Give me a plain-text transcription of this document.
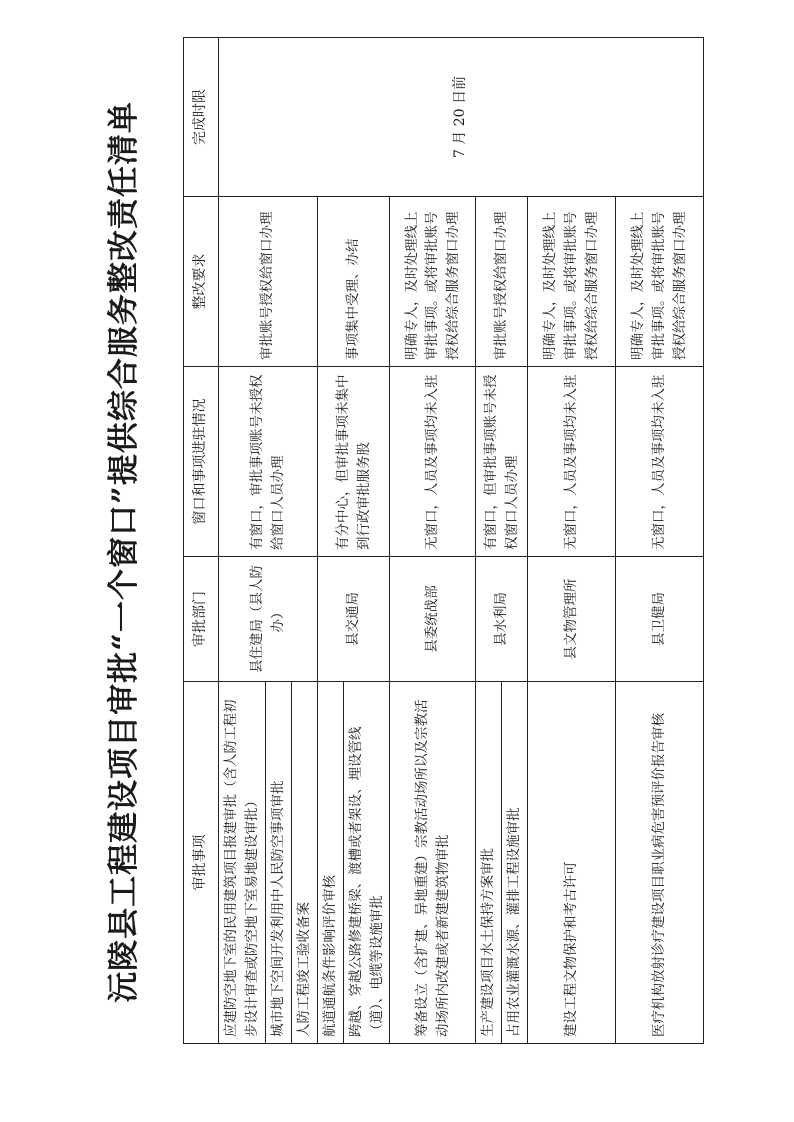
沅陵县工程建设项目审批“一个窗口”提供综合服务整改责任清单	审批事项	审批部门	窗口和事项进驻情况	整改要求	完成时限
应建防空地下室的民用建筑项目报建审批（含人防工程初步设计审查或防空地下室易地建设审批）	县住建局（县人防办）	有窗口，审批事项账号未授权给窗口人员办理	审批账号授权给窗口办理	7 月 20 日前
城市地下空间开发利用中人民防空事项审批				
人防工程竣工验收备案				
航道通航条件影响评价审核	县交通局	有分中心，但审批事项未集中到行政审批服务股	事项集中受理、办结	
跨越、穿越公路修建桥梁、渡槽或者架设、埋设管线（道）、电缆等设施审批				
筹备设立（含扩建、异地重建）宗教活动场所以及宗教活动场所内改建或者新建建筑物审批	县委统战部	无窗口，人员及事项均未入驻	明确专人，及时处理线上审批事项。或将审批账号授权给综合服务窗口办理	
生产建设项目水土保持方案审批	县水利局	有窗口，但审批事项账号未授权窗口人员办理	审批账号授权给窗口办理	
占用农业灌溉水源、灌排工程设施审批				
建设工程文物保护和考古许可	县文物管理所	无窗口，人员及事项均未入驻	明确专人，及时处理线上审批事项。或将审批账号授权给综合服务窗口办理	
医疗机构放射诊疗建设项目职业病危害预评价报告审核	县卫健局	无窗口，人员及事项均未入驻	明确专人，及时处理线上审批事项。或将审批账号授权给综合服务窗口办理	
